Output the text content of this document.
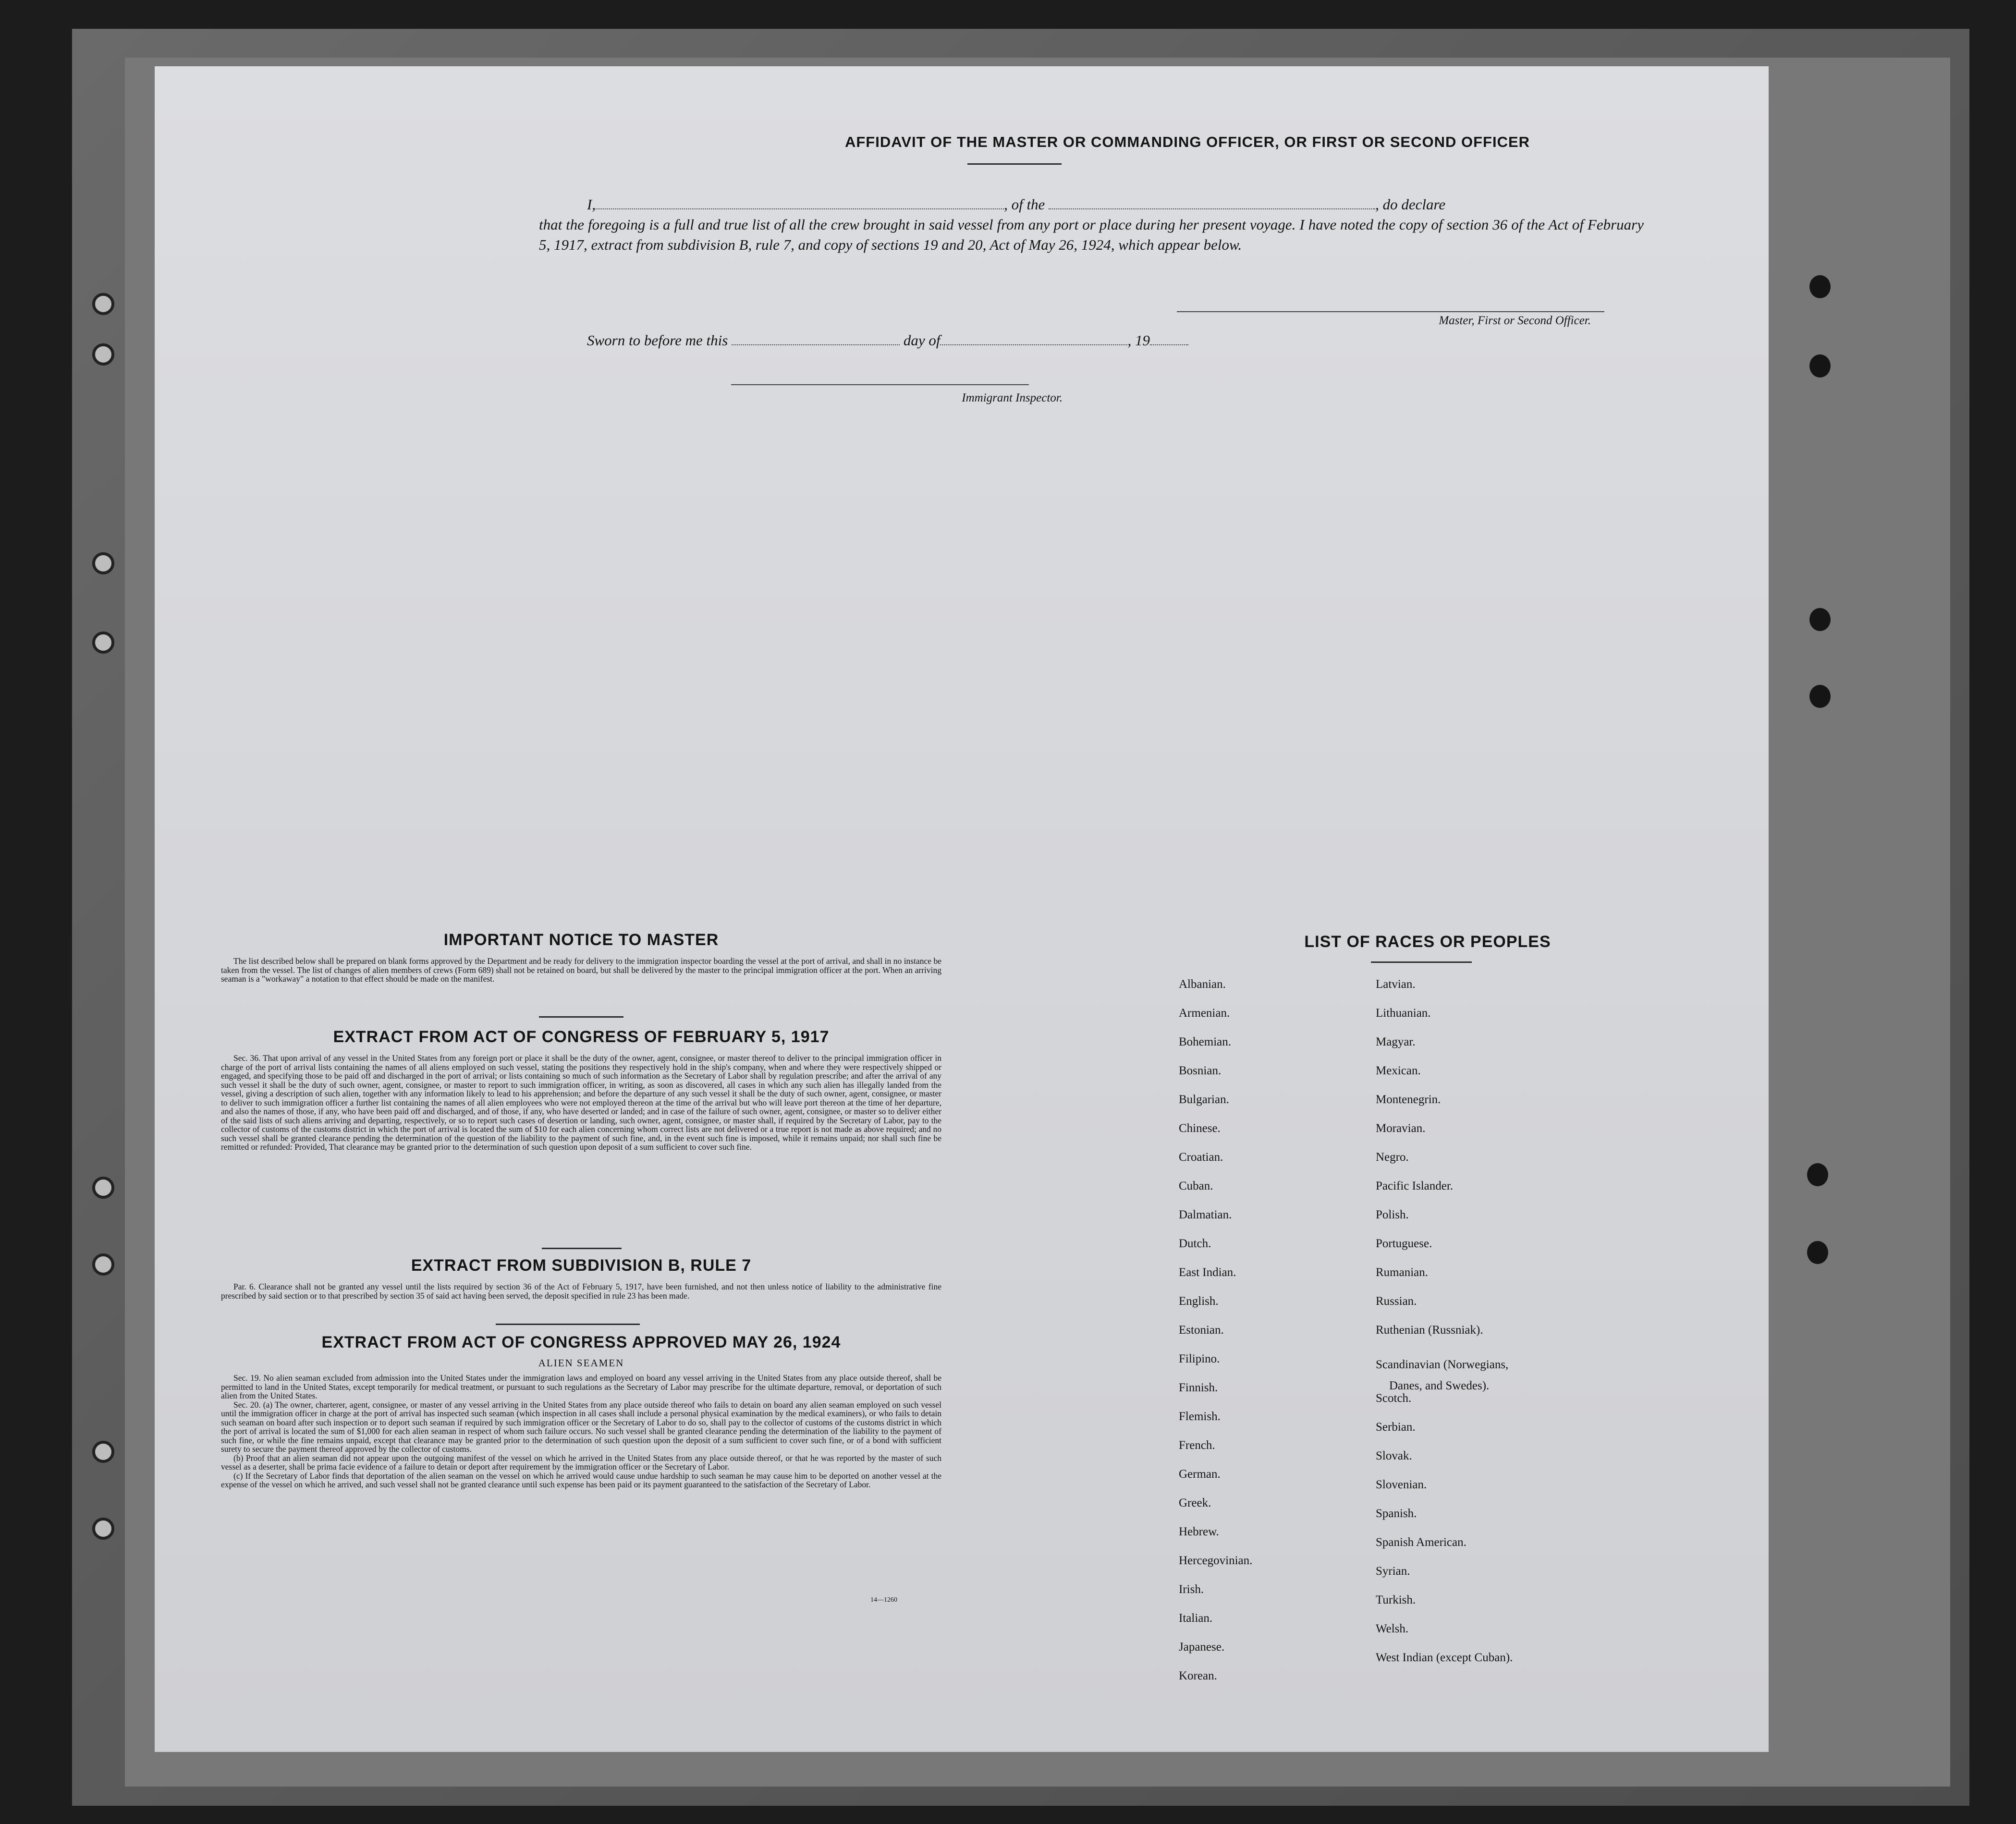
AFFIDAVIT OF THE MASTER OR COMMANDING OFFICER, OR FIRST OR SECOND OFFICER
I,	, of the	, do declare
that the foregoing is a full and true list of all the crew brought in said vessel from any port or place during her present voyage. I have noted the copy of section 36 of the Act of February 5, 1917, extract from subdivision B, rule 7, and copy of sections 19 and 20, Act of May 26, 1924, which appear below.
Master, First or Second Officer.
Sworn to before me this	day of	, 19
Immigrant Inspector.
IMPORTANT NOTICE TO MASTER

The list described below shall be prepared on blank forms approved by the Department and be ready for delivery to the immigration inspector boarding the vessel at the port of arrival, and shall in no instance be taken from the vessel. The list of changes of alien members of crews (Form 689) shall not be retained on board, but shall be delivered by the master to the principal immigration officer at the port. When an arriving seaman is a "workaway" a notation to that effect should be made on the manifest.

EXTRACT FROM ACT OF CONGRESS OF FEBRUARY 5, 1917

Sec. 36. That upon arrival of any vessel in the United States from any foreign port or place it shall be the duty of the owner, agent, consignee, or master thereof to deliver to the principal immigration officer in charge of the port of arrival lists containing the names of all aliens employed on such vessel, stating the positions they respectively hold in the ship's company, when and where they were respectively shipped or engaged, and specifying those to be paid off and discharged in the port of arrival; or lists containing so much of such information as the Secretary of Labor shall by regulation prescribe; and after the arrival of any such vessel it shall be the duty of such owner, agent, consignee, or master to report to such immigration officer, in writing, as soon as discovered, all cases in which any such alien has illegally landed from the vessel, giving a description of such alien, together with any information likely to lead to his apprehension; and before the departure of any such vessel it shall be the duty of such owner, agent, consignee, or master to deliver to such immigration officer a further list containing the names of all alien employees who were not employed thereon at the time of the arrival but who will leave port thereon at the time of her departure, and also the names of those, if any, who have been paid off and discharged, and of those, if any, who have deserted or landed; and in case of the failure of such owner, agent, consignee, or master so to deliver either of the said lists of such aliens arriving and departing, respectively, or so to report such cases of desertion or landing, such owner, agent, consignee, or master shall, if required by the Secretary of Labor, pay to the collector of customs of the customs district in which the port of arrival is located the sum of $10 for each alien concerning whom correct lists are not delivered or a true report is not made as above required; and no such vessel shall be granted clearance pending the determination of the question of the liability to the payment of such fine, and, in the event such fine is imposed, while it remains unpaid; nor shall such fine be remitted or refunded: Provided, That clearance may be granted prior to the determination of such question upon deposit of a sum sufficient to cover such fine.

EXTRACT FROM SUBDIVISION B, RULE 7

Par. 6. Clearance shall not be granted any vessel until the lists required by section 36 of the Act of February 5, 1917, have been furnished, and not then unless notice of liability to the administrative fine prescribed by said section or to that prescribed by section 35 of said act having been served, the deposit specified in rule 23 has been made.

EXTRACT FROM ACT OF CONGRESS APPROVED MAY 26, 1924
ALIEN SEAMEN

Sec. 19. No alien seaman excluded from admission into the United States under the immigration laws and employed on board any vessel arriving in the United States from any place outside thereof, shall be permitted to land in the United States, except temporarily for medical treatment, or pursuant to such regulations as the Secretary of Labor may prescribe for the ultimate departure, removal, or deportation of such alien from the United States.

Sec. 20. (a) The owner, charterer, agent, consignee, or master of any vessel arriving in the United States from any place outside thereof who fails to detain on board any alien seaman employed on such vessel until the immigration officer in charge at the port of arrival has inspected such seaman (which inspection in all cases shall include a personal physical examination by the medical examiners), or who fails to detain such seaman on board after such inspection or to deport such seaman if required by such immigration officer or the Secretary of Labor to do so, shall pay to the collector of customs of the customs district in which the port of arrival is located the sum of $1,000 for each alien seaman in respect of whom such failure occurs. No such vessel shall be granted clearance pending the determination of the liability to the payment of such fine, or while the fine remains unpaid, except that clearance may be granted prior to the determination of such question upon the deposit of a sum sufficient to cover such fine, or of a bond with sufficient surety to secure the payment thereof approved by the collector of customs.

(b) Proof that an alien seaman did not appear upon the outgoing manifest of the vessel on which he arrived in the United States from any place outside thereof, or that he was reported by the master of such vessel as a deserter, shall be prima facie evidence of a failure to detain or deport after requirement by the immigration officer or the Secretary of Labor.

(c) If the Secretary of Labor finds that deportation of the alien seaman on the vessel on which he arrived would cause undue hardship to such seaman he may cause him to be deported on another vessel at the expense of the vessel on which he arrived, and such vessel shall not be granted clearance until such expense has been paid or its payment guaranteed to the satisfaction of the Secretary of Labor.

14—1260
LIST OF RACES OR PEOPLES
Albanian.
Armenian.
Bohemian.
Bosnian.
Bulgarian.
Chinese.
Croatian.
Cuban.
Dalmatian.
Dutch.
East Indian.
English.
Estonian.
Filipino.
Finnish.
Flemish.
French.
German.
Greek.
Hebrew.
Hercegovinian.
Irish.
Italian.
Japanese.
Korean.
Latvian.
Lithuanian.
Magyar.
Mexican.
Montenegrin.
Moravian.
Negro.
Pacific Islander.
Polish.
Portuguese.
Rumanian.
Russian.
Ruthenian (Russniak).
Scandinavian (Norwegians,
Danes, and Swedes).
Scotch.
Serbian.
Slovak.
Slovenian.
Spanish.
Spanish American.
Syrian.
Turkish.
Welsh.
West Indian (except Cuban).
